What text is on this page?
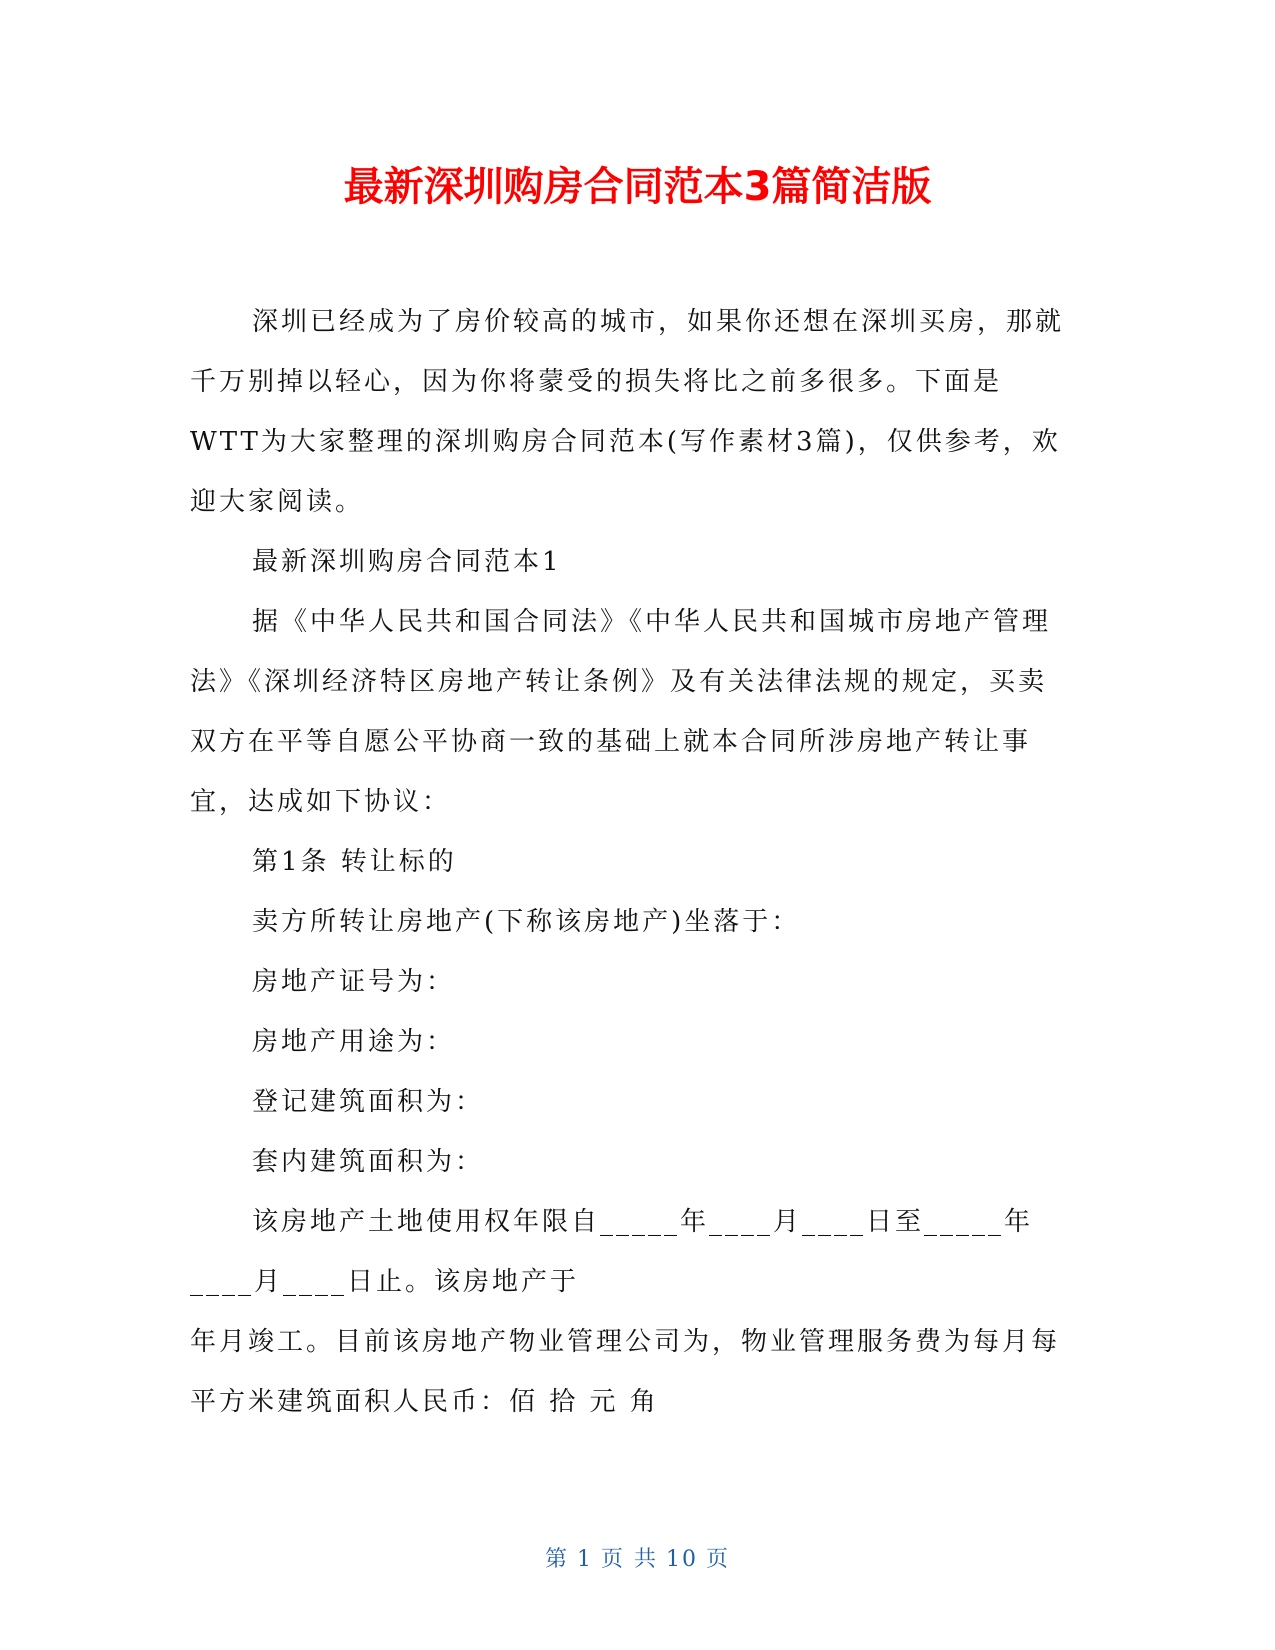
最新深圳购房合同范本3篇简洁版

深圳已经成为了房价较高的城市，如果你还想在深圳买房，那就千万别掉以轻心，因为你将蒙受的损失将比之前多很多。下面是WTT为大家整理的深圳购房合同范本(写作素材3篇)，仅供参考，欢迎大家阅读。

最新深圳购房合同范本1

据《中华人民共和国合同法》《中华人民共和国城市房地产管理法》《深圳经济特区房地产转让条例》及有关法律法规的规定，买卖双方在平等自愿公平协商一致的基础上就本合同所涉房地产转让事宜，达成如下协议：

第1条 转让标的

卖方所转让房地产(下称该房地产)坐落于：

房地产证号为：

房地产用途为：

登记建筑面积为：

套内建筑面积为：

该房地产土地使用权年限自_____年____月____日至_____年____月____日止。该房地产于

年月竣工。目前该房地产物业管理公司为，物业管理服务费为每月每平方米建筑面积人民币：佰 拾 元 角

第 1 页 共 10 页
